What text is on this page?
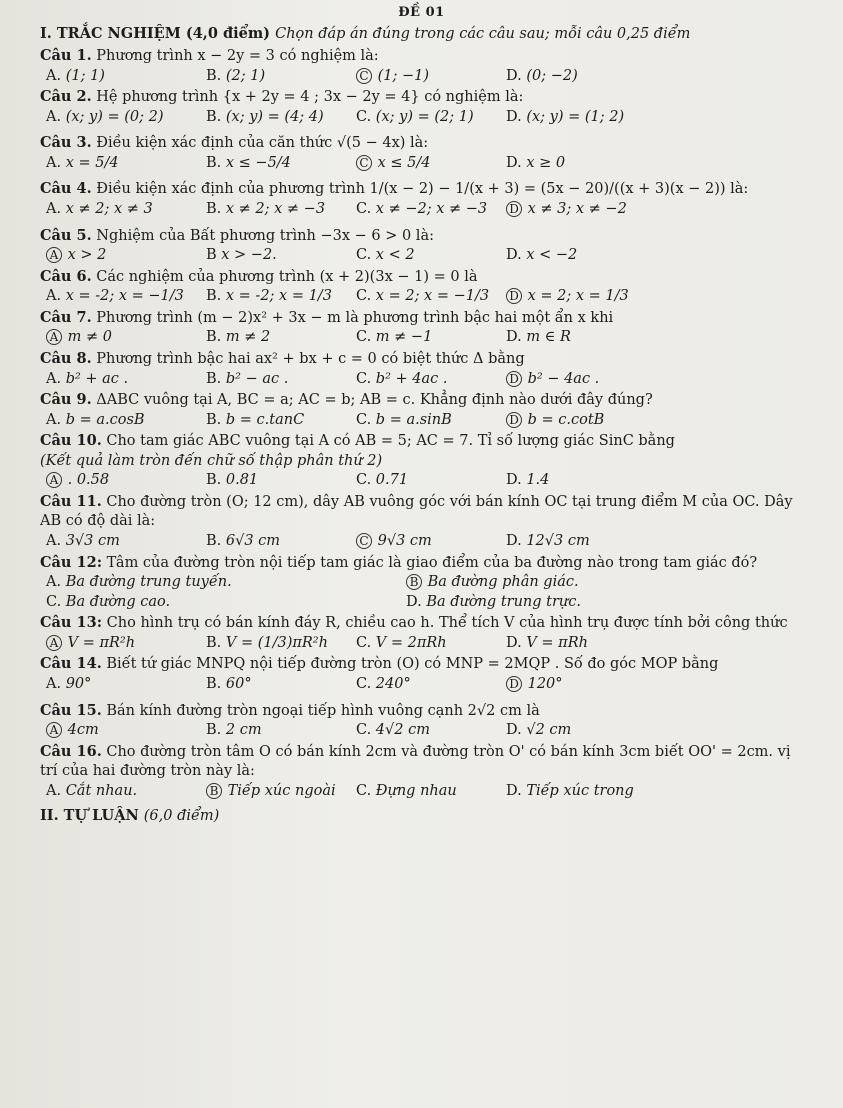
ĐỀ 01
I. TRẮC NGHIỆM (4,0 điểm) Chọn đáp án đúng trong các câu sau; mỗi câu 0,25 điểm

Câu 1. Phương trình x − 2y = 3 có nghiệm là:

A. (1; 1)	B. (2; 1)	C (1; −1)	D. (0; −2)

Câu 2. Hệ phương trình {x + 2y = 4 ; 3x − 2y = 4} có nghiệm là:

A. (x; y) = (0; 2)	B. (x; y) = (4; 4)	C. (x; y) = (2; 1)	D. (x; y) = (1; 2)

Câu 3. Điều kiện xác định của căn thức √(5 − 4x) là:

A. x = 5/4	B. x ≤ −5/4	C x ≤ 5/4	D. x ≥ 0

Câu 4. Điều kiện xác định của phương trình 1/(x − 2) − 1/(x + 3) = (5x − 20)/((x + 3)(x − 2)) là:

A. x ≠ 2; x ≠ 3	B. x ≠ 2; x ≠ −3	C. x ≠ −2; x ≠ −3	D x ≠ 3; x ≠ −2

Câu 5. Nghiệm của Bất phương trình −3x − 6 > 0 là:

A x > 2	B x > −2.	C. x < 2	D. x < −2

Câu 6. Các nghiệm của phương trình (x + 2)(3x − 1) = 0 là

A. x = -2; x = −1/3	B. x = -2; x = 1/3	C. x = 2; x = −1/3	D x = 2; x = 1/3

Câu 7. Phương trình (m − 2)x² + 3x − m là phương trình bậc hai một ẩn x khi

A m ≠ 0	B. m ≠ 2	C. m ≠ −1	D. m ∈ R

Câu 8. Phương trình bậc hai ax² + bx + c = 0 có biệt thức Δ bằng

A. b² + ac .	B. b² − ac .	C. b² + 4ac .	D b² − 4ac .

Câu 9. ΔABC vuông tại A, BC = a; AC = b; AB = c. Khẳng định nào dưới đây đúng?

A. b = a.cosB	B. b = c.tanC	C. b = a.sinB	D b = c.cotB

Câu 10. Cho tam giác ABC vuông tại A có AB = 5; AC = 7. Tỉ số lượng giác SinC bằng

(Kết quả làm tròn đến chữ số thập phân thứ 2)

A . 0.58	B. 0.81	C. 0.71	D. 1.4

Câu 11. Cho đường tròn (O; 12 cm), dây AB vuông góc với bán kính OC tại trung điểm M của OC. Dây AB có độ dài là:

A. 3√3 cm	B. 6√3 cm	C 9√3 cm	D. 12√3 cm

Câu 12: Tâm của đường tròn nội tiếp tam giác là giao điểm của ba đường nào trong tam giác đó?

A. Ba đường trung tuyến.	B Ba đường phân giác.
C. Ba đường cao.	D. Ba đường trung trực.

Câu 13: Cho hình trụ có bán kính đáy R, chiều cao h. Thể tích V của hình trụ được tính bởi công thức

A V = πR²h	B. V = (1/3)πR²h	C. V = 2πRh	D. V = πRh

Câu 14. Biết tứ giác MNPQ nội tiếp đường tròn (O) có MNP = 2MQP . Số đo góc MOP bằng

A. 90°	B. 60°	C. 240°	D 120°

Câu 15. Bán kính đường tròn ngoại tiếp hình vuông cạnh 2√2 cm là

A 4cm	B. 2 cm	C. 4√2 cm	D. √2 cm

Câu 16. Cho đường tròn tâm O có bán kính 2cm và đường tròn O' có bán kính 3cm biết OO' = 2cm. vị trí của hai đường tròn này là:

A. Cắt nhau.	B Tiếp xúc ngoài	C. Đựng nhau	D. Tiếp xúc trong
II. TỰ LUẬN (6,0 điểm)
